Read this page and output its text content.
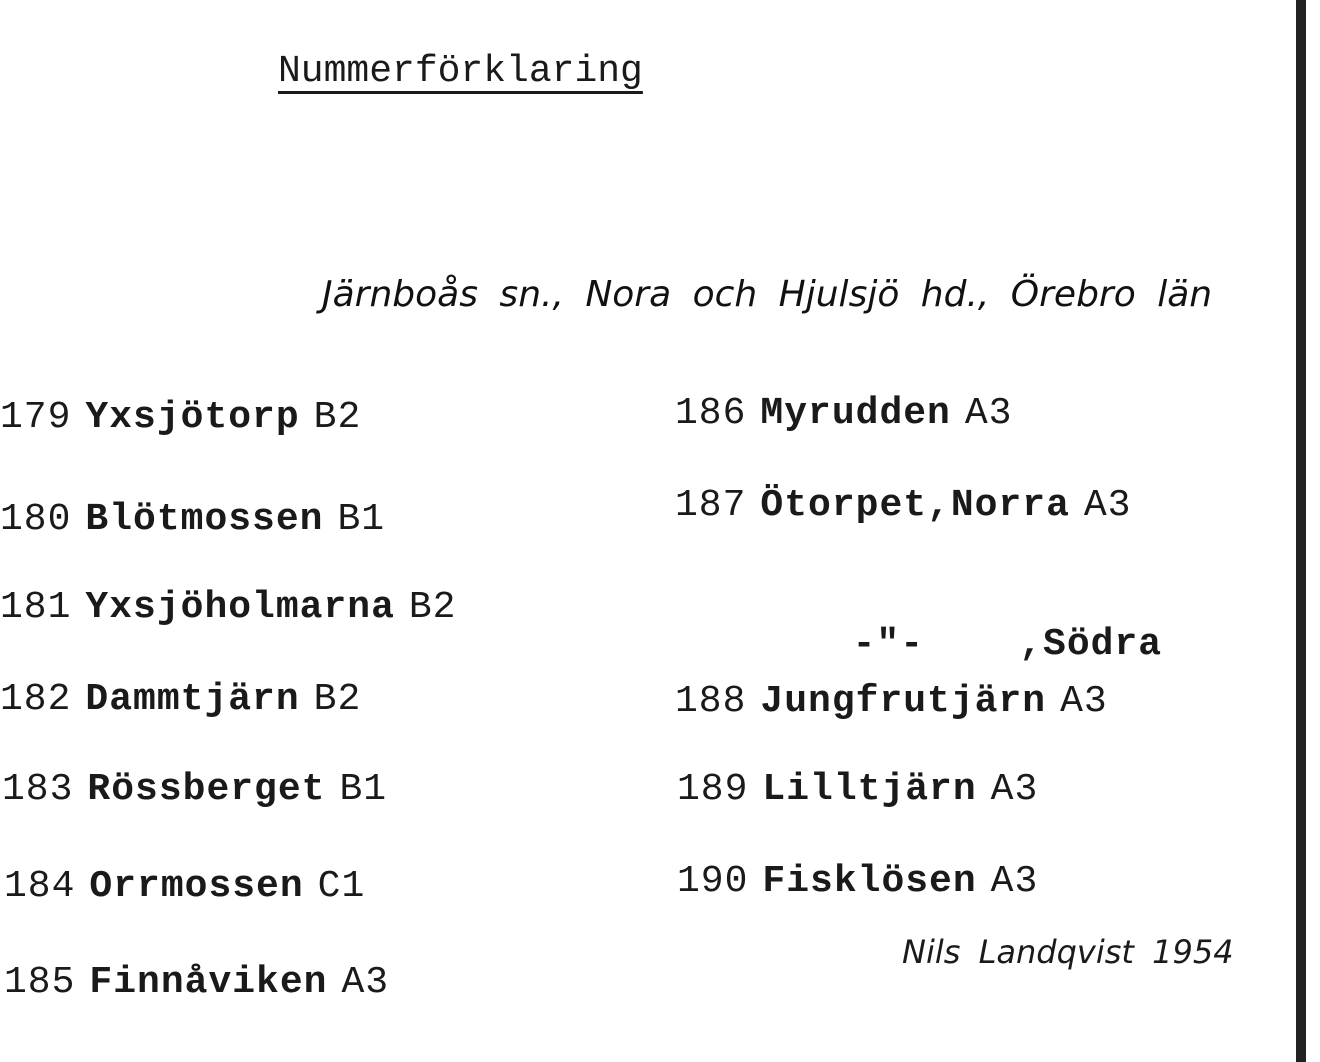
Nummerförklaring
Järnboås sn., Nora och Hjulsjö hd., Örebro län
179 Yxsjötorp B2
180 Blötmossen B1
181 Yxsjöholmarna B2
182 Dammtjärn B2
183 Rössberget B1
184 Orrmossen C1
185 Finnåviken A3
186 Myrudden A3
187 Ötorpet,Norra A3

-"-    ,Södra

188 Jungfrutjärn A3
189 Lilltjärn A3
190 Fisklösen A3
Nils Landqvist 1954
